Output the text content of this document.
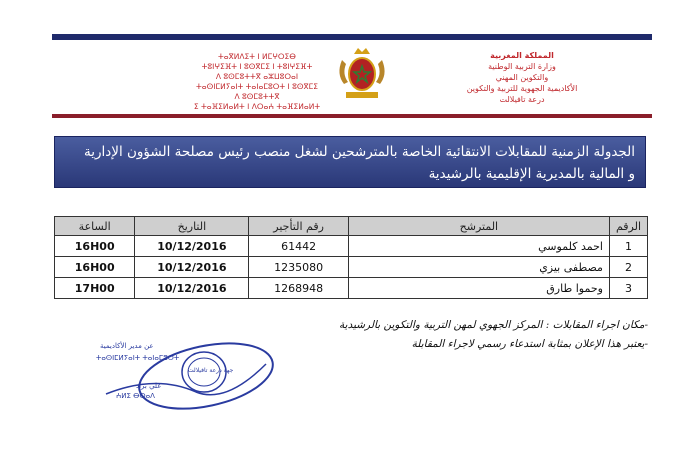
ⵜⴰⴳⵍⴷⵉⵜ ⵏ ⵍⵎⵖⵔⵉⴱ
ⵜⵓⵏⵖⵉⴼⵜ ⵏ ⵓⵙⴳⵎⵉ ⵏ ⵜⵓⵏⵖⵉⴼⵜ
ⴷ ⵓⵙⵎⵓⵜⵜⴳ ⴰⵣⵡⵓⵔⴰⵏ
ⵜⴰⵙⵏⵎⵍⵢⴰⵏⵜ ⵜⴰⵏⴰⵎⵓⵔⵜ ⵏ ⵓⵙⴳⵎⵉ
ⴷ ⵓⵙⵎⵓⵜⵜⴳ
ⵉ ⵜⴰⴼⵉⵍⴰⵍⵜ ⵏ ⴷⵔⴰⵄ ⵜⴰⴼⵉⵍⴰⵍⵜ
المملكة المغربية
وزارة التربية الوطنية
والتكوين المهني
الأكاديمية الجهوية للتربية والتكوين
درعة تافيلالت
الجدولة الزمنية للمقابلات الانتقائية الخاصة بالمترشحين لشغل منصب رئيس مصلحة الشؤون الإدارية
و المالية بالمديرية الإقليمية بالرشيدية
الرقم	المترشح	رقم التأجير	التاريخ	الساعة
1	احمد كلموسي	61442	10/12/2016	16H00
2	مصطفى بيزي	1235080	10/12/2016	16H00
3	وحموا طارق	1268948	10/12/2016	17H00
-مكان اجراء المقابلات : المركز الجهوي لمهن التربية والتكوين بالرشيدية
-يعتبر هذا الإعلان بمثابة استدعاء رسمي لاجراء المقابلة
عن مدير الأكاديمية
ⵜⴰⵙⵏⵎⵍⵢⴰⵏⵜ ⵜⴰⵏⴰⵎⵓⵔⵜ
جهة درعة تافيلالت
علي براد
ⵄⵍⵉ ⴱⵔⴰⴷ
